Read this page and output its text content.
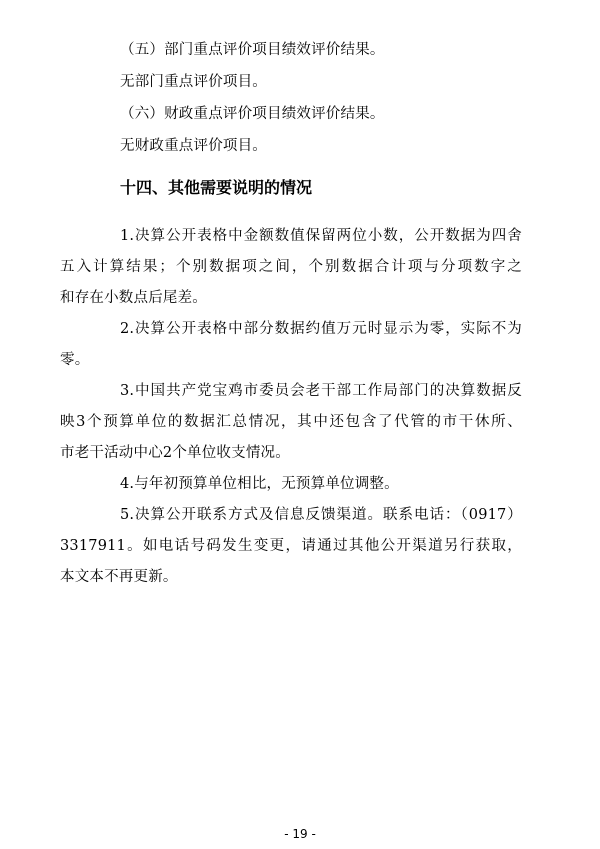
（五）部门重点评价项目绩效评价结果。
无部门重点评价项目。
（六）财政重点评价项目绩效评价结果。
无财政重点评价项目。
十四、其他需要说明的情况
1.决算公开表格中金额数值保留两位小数，公开数据为四舍
五入计算结果；个别数据项之间，个别数据合计项与分项数字之
和存在小数点后尾差。
2.决算公开表格中部分数据约值万元时显示为零，实际不为
零。
3.中国共产党宝鸡市委员会老干部工作局部门的决算数据反
映3个预算单位的数据汇总情况，其中还包含了代管的市干休所、
市老干活动中心2个单位收支情况。
4.与年初预算单位相比，无预算单位调整。
5.决算公开联系方式及信息反馈渠道。联系电话：（0917）
3317911。如电话号码发生变更，请通过其他公开渠道另行获取，
本文本不再更新。
- 19 -
